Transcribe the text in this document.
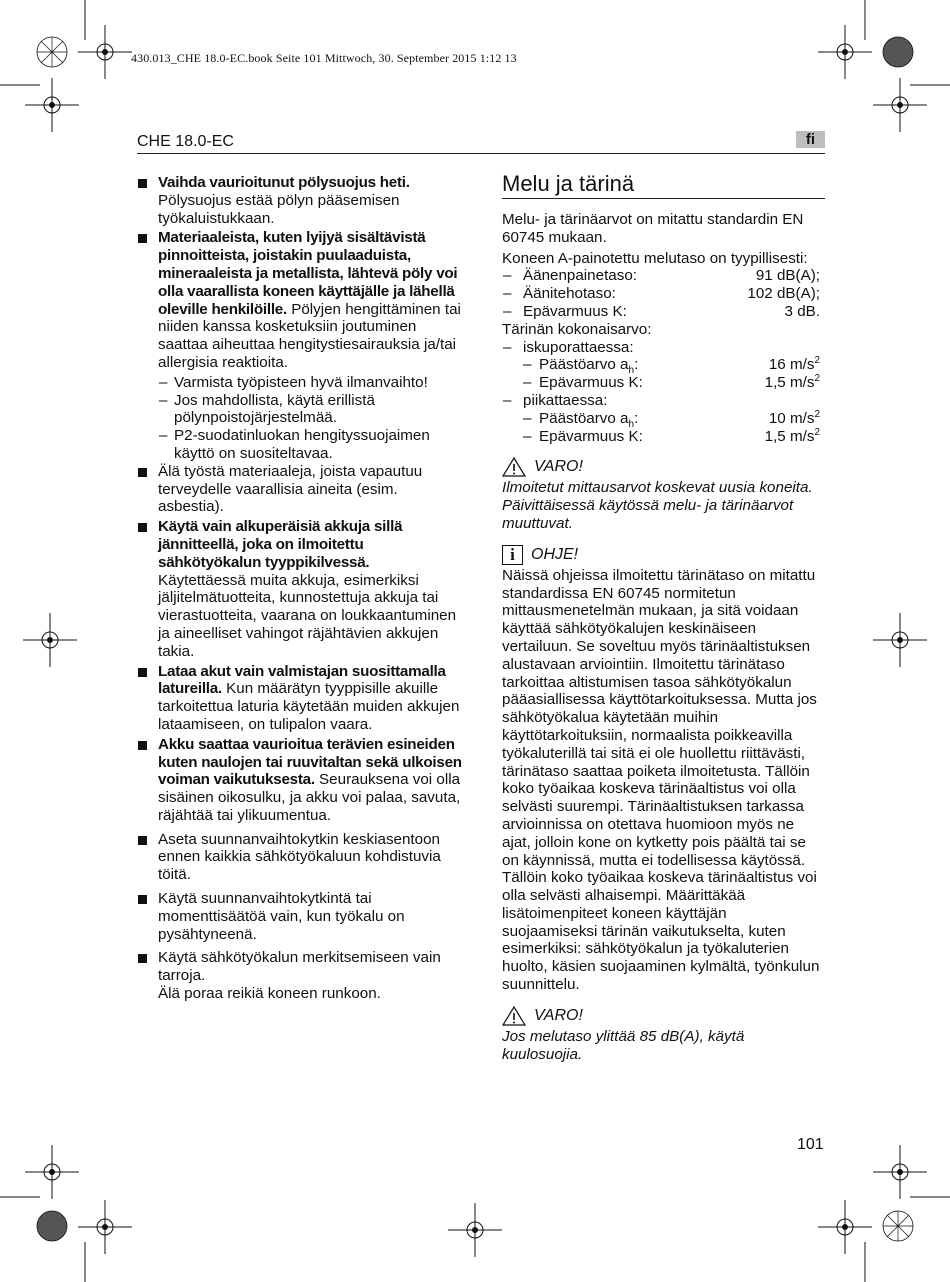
430.013_CHE 18.0-EC.book Seite 101 Mittwoch, 30. September 2015 1:12 13
CHE 18.0-EC	fi
Vaihda vaurioitunut pölysuojus heti.
Pölysuojus estää pölyn pääsemisen työkaluistukkaan.
Materiaaleista, kuten lyijyä sisältävistä pinnoitteista, joistakin puulaaduista, mineraaleista ja metallista, lähtevä pöly voi olla vaarallista koneen käyttäjälle ja lähellä oleville henkilöille. Pölyjen hengittäminen tai niiden kanssa kosketuksiin joutuminen saattaa aiheuttaa hengitystiesairauksia ja/tai allergisia reaktioita.
– Varmista työpisteen hyvä ilmanvaihto!
– Jos mahdollista, käytä erillistä pölynpoistojärjestelmää.
– P2-suodatinluokan hengityssuojaimen käyttö on suositeltavaa.
Älä työstä materiaaleja, joista vapautuu terveydelle vaarallisia aineita (esim. asbestia).
Käytä vain alkuperäisiä akkuja sillä jännitteellä, joka on ilmoitettu sähkötyökalun tyyppikilvessä.
Käytettäessä muita akkuja, esimerkiksi jäljitelmätuotteita, kunnostettuja akkuja tai vierastuotteita, vaarana on loukkaantuminen ja aineelliset vahingot räjähtävien akkujen takia.
Lataa akut vain valmistajan suosittamalla latureilla. Kun määrätyn tyyppisille akuille tarkoitettua laturia käytetään muiden akkujen lataamiseen, on tulipalon vaara.
Akku saattaa vaurioitua terävien esineiden kuten naulojen tai ruuvitaltan sekä ulkoisen voiman vaikutuksesta. Seurauksena voi olla sisäinen oikosulku, ja akku voi palaa, savuta, räjähtää tai ylikuumentua.
Aseta suunnanvaihtokytkin keskiasentoon ennen kaikkia sähkötyökaluun kohdistuvia töitä.
Käytä suunnanvaihtokytkintä tai momenttisäätöä vain, kun työkalu on pysähtyneenä.
Käytä sähkötyökalun merkitsemiseen vain tarroja.
Älä poraa reikiä koneen runkoon.
Melu ja tärinä
Melu- ja tärinäarvot on mitattu standardin EN 60745 mukaan.
Koneen A-painotettu melutaso on tyypillisesti:
– Äänenpainetaso:	91 dB(A);
– Äänitehotaso:	102 dB(A);
– Epävarmuus K:	3 dB.
Tärinän kokonaisarvo:
– iskuporattaessa:
– Päästöarvo $a_h$:	16 $m/s^2$
– Epävarmuus K:	1,5 $m/s^2$
– piikattaessa:
– Päästöarvo $a_h$:	10 $m/s^2$
– Epävarmuus K:	1,5 $m/s^2$
VARO!
Ilmoitetut mittausarvot koskevat uusia koneita. Päivittäisessä käytössä melu- ja tärinäarvot muuttuvat.
i	OHJE!
Näissä ohjeissa ilmoitettu tärinätaso on mitattu standardissa EN 60745 normitetun mittausmenetelmän mukaan, ja sitä voidaan käyttää sähkötyökalujen keskinäiseen vertailuun. Se soveltuu myös tärinäaltistuksen alustavaan arviointiin. Ilmoitettu tärinätaso tarkoittaa altistumisen tasoa sähkötyökalun pääasiallisessa käyttötarkoituksessa. Mutta jos sähkötyökalua käytetään muihin käyttötarkoituksiin, normaalista poikkeavilla työkaluterillä tai sitä ei ole huollettu riittävästi, tärinätaso saattaa poiketa ilmoitetusta. Tällöin koko työaikaa koskeva tärinäaltistus voi olla selvästi suurempi. Tärinäaltistuksen tarkassa arvioinnissa on otettava huomioon myös ne ajat, jolloin kone on kytketty pois päältä tai se on käynnissä, mutta ei todellisessa käytössä. Tällöin koko työaikaa koskeva tärinäaltistus voi olla selvästi alhaisempi. Määrittäkää lisätoimenpiteet koneen käyttäjän suojaamiseksi tärinän vaikutukselta, kuten esimerkiksi: sähkötyökalun ja työkaluterien huolto, käsien suojaaminen kylmältä, työnkulun suunnittelu.
VARO!
Jos melutaso ylittää 85 dB(A), käytä kuulosuojia.
101
